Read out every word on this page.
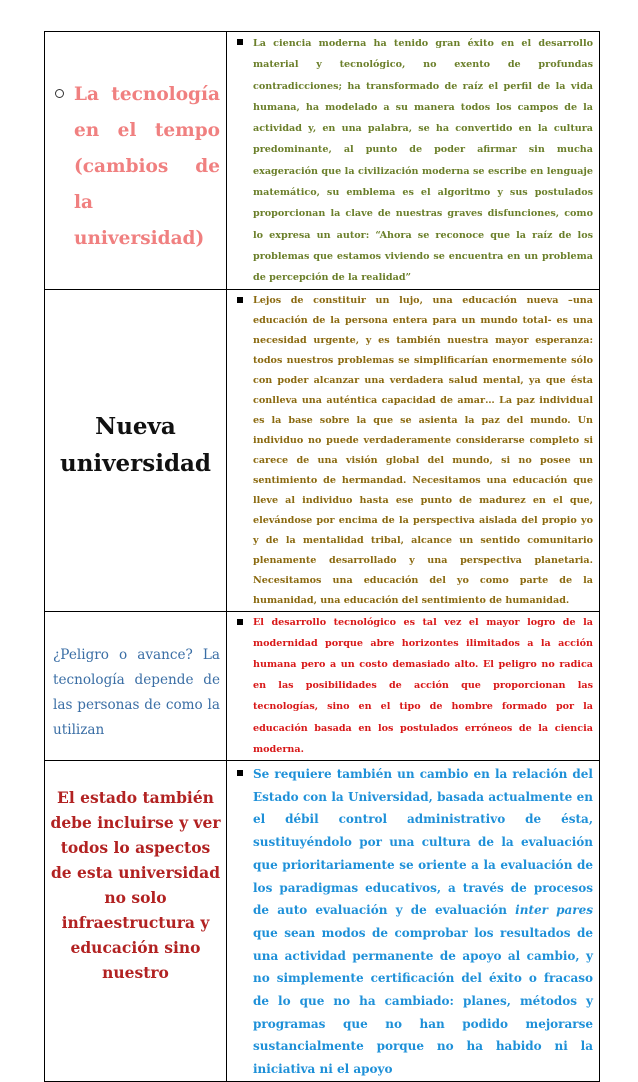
La tecnología en el tempo (cambios de la universidad)	La ciencia moderna ha tenido gran éxito en el desarrollo material y tecnológico, no exento de profundas contradicciones; ha transformado de raíz el perfil de la vida humana, ha modelado a su manera todos los campos de la actividad y, en una palabra, se ha convertido en la cultura predominante, al punto de poder afirmar sin mucha exageración que la civilización moderna se escribe en lenguaje matemático, su emblema es el algoritmo y sus postulados proporcionan la clave de nuestras graves disfunciones, como lo expresa un autor: “Ahora se reconoce que la raíz de los problemas que estamos viviendo se encuentra en un problema de percepción de la realidad”

Nueva universidad	Lejos de constituir un lujo, una educación nueva –una educación de la persona entera para un mundo total- es una necesidad urgente, y es también nuestra mayor esperanza: todos nuestros problemas se simplificarían enormemente sólo con poder alcanzar una verdadera salud mental, ya que ésta conlleva una auténtica capacidad de amar… La paz individual es la base sobre la que se asienta la paz del mundo. Un individuo no puede verdaderamente considerarse completo si carece de una visión global del mundo, si no posee un sentimiento de hermandad. Necesitamos una educación que lleve al individuo hasta ese punto de madurez en el que, elevándose por encima de la perspectiva aislada del propio yo y de la mentalidad tribal, alcance un sentido comunitario plenamente desarrollado y una perspectiva planetaria. Necesitamos una educación del yo como parte de la humanidad, una educación del sentimiento de humanidad.

¿Peligro o avance? La tecnología depende de las personas de como la utilizan	El desarrollo tecnológico es tal vez el mayor logro de la modernidad porque abre horizontes ilimitados a la acción humana pero a un costo demasiado alto. El peligro no radica en las posibilidades de acción que proporcionan las tecnologías, sino en el tipo de hombre formado por la educación basada en los postulados erróneos de la ciencia moderna.

El estado también debe incluirse y ver todos lo aspectos de esta universidad no solo infraestructura y educación sino nuestro	Se requiere también un cambio en la relación del Estado con la Universidad, basada actualmente en el débil control administrativo de ésta, sustituyéndolo por una cultura de la evaluación que prioritariamente se oriente a la evaluación de los paradigmas educativos, a través de procesos de auto evaluación y de evaluación inter pares que sean modos de comprobar los resultados de una actividad permanente de apoyo al cambio, y no simplemente certificación del éxito o fracaso de lo que no ha cambiado: planes, métodos y programas que no han podido mejorarse sustancialmente porque no ha habido ni la iniciativa ni el apoyo
